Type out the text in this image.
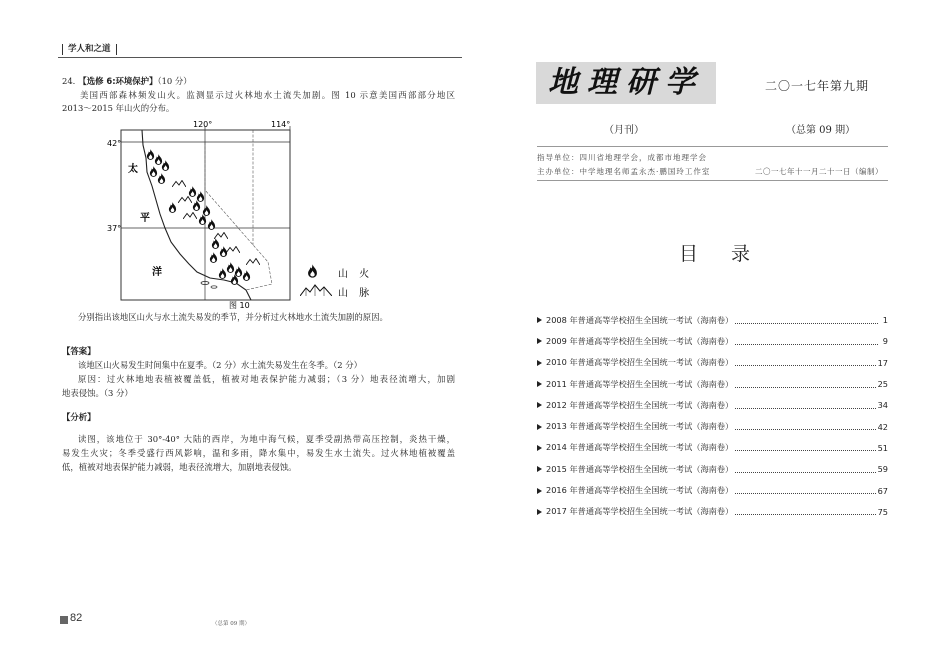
学人和之道
24. 【选修 6:环境保护】（10 分）
美国西部森林频发山火。监测显示过火林地水土流失加剧。图 10 示意美国西部部分地区
2013～2015 年山火的分布。
太
平
洋
120°	114°
42°
37°
山 火
山 脉
图 10
分别指出该地区山火与水土流失易发的季节，并分析过火林地水土流失加剧的原因。
【答案】
该地区山火易发生时间集中在夏季。（2 分）水土流失易发生在冬季。（2 分）
原因：过火林地地表植被覆盖低，植被对地表保护能力减弱；（3 分）地表径流增大，加剧
地表侵蚀。（3 分）
【分析】
读图，该地位于 30°-40° 大陆的西岸，为地中海气候，夏季受副热带高压控制，炎热干燥，
易发生火灾；冬季受盛行西风影响，温和多雨，降水集中，易发生水土流失。过火林地植被覆盖
低，植被对地表保护能力减弱，地表径流增大，加剧地表侵蚀。
82	（总第 09 期）
地理研学	二〇一七年第九期
（月刊）	（总第 09 期）
指导单位：四川省地理学会，成都市地理学会
主办单位：中学地理名师孟永杰·鹏国玲工作室	二〇一七年十一月二十一日（编制）
目　录
2008 年普通高等学校招生全国统一考试（海南卷）	1
2009 年普通高等学校招生全国统一考试（海南卷）	9
2010 年普通高等学校招生全国统一考试（海南卷）	17
2011 年普通高等学校招生全国统一考试（海南卷）	25
2012 年普通高等学校招生全国统一考试（海南卷）	34
2013 年普通高等学校招生全国统一考试（海南卷）	42
2014 年普通高等学校招生全国统一考试（海南卷）	51
2015 年普通高等学校招生全国统一考试（海南卷）	59
2016 年普通高等学校招生全国统一考试（海南卷）	67
2017 年普通高等学校招生全国统一考试（海南卷）	75
